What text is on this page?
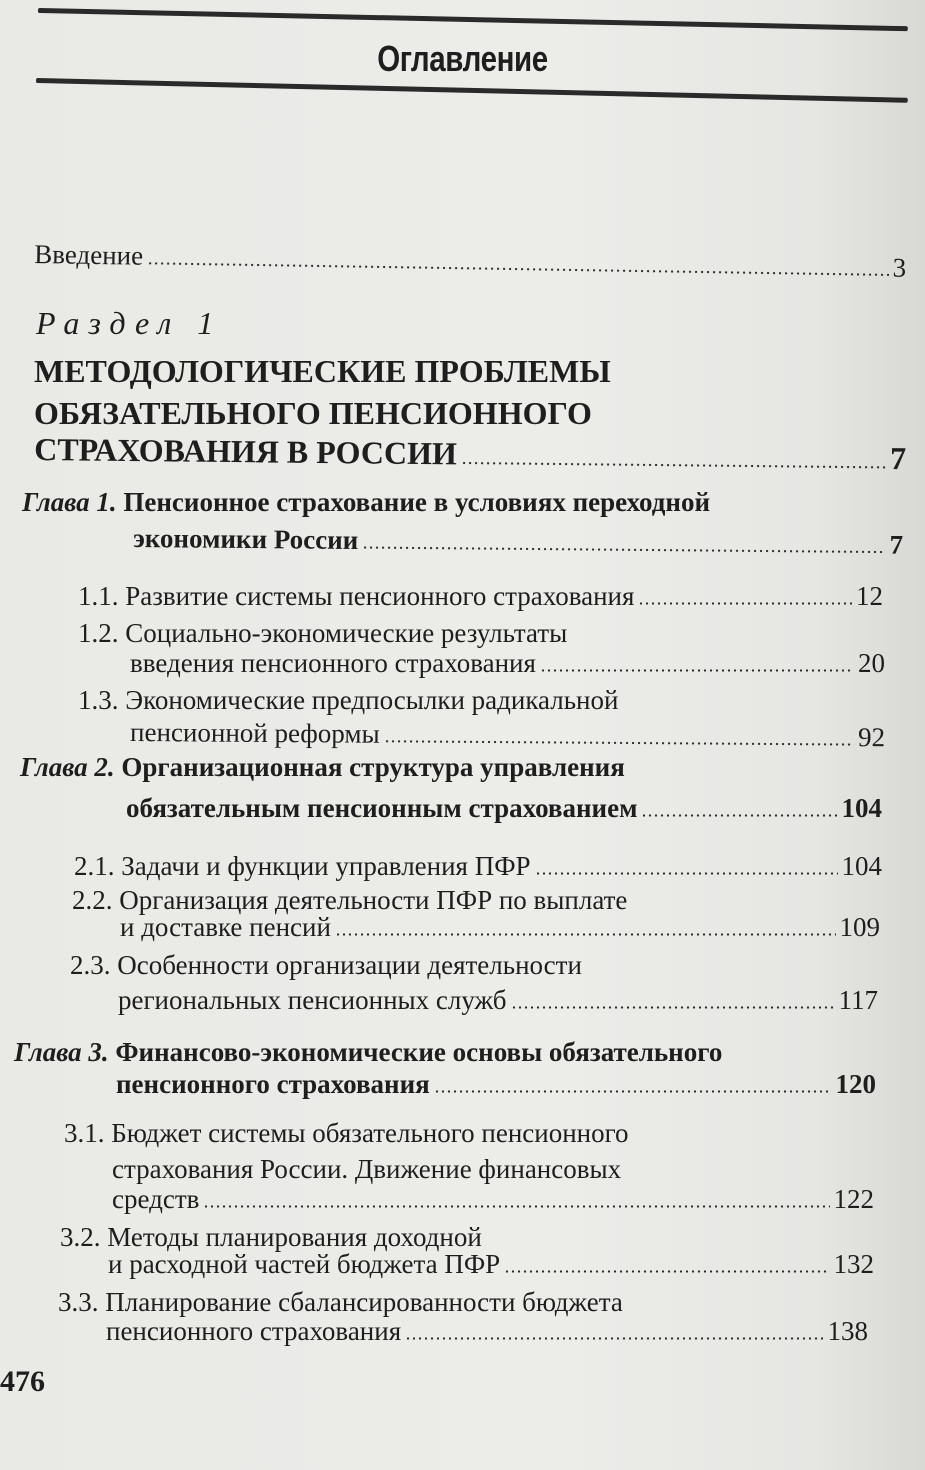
Оглавление
Введение	3
Раздел 1
МЕТОДОЛОГИЧЕСКИЕ ПРОБЛЕМЫ
ОБЯЗАТЕЛЬНОГО ПЕНСИОННОГО
СТРАХОВАНИЯ В РОССИИ	7
Глава 1. Пенсионное страхование в условиях переходной
экономики России	7
1.1. Развитие системы пенсионного страхования	12
1.2. Социально-экономические результаты
введения пенсионного страхования	20
1.3. Экономические предпосылки радикальной
пенсионной реформы	92
Глава 2. Организационная структура управления
обязательным пенсионным страхованием	104
2.1. Задачи и функции управления ПФР	104
2.2. Организация деятельности ПФР по выплате
и доставке пенсий	109
2.3. Особенности организации деятельности
региональных пенсионных служб	117
Глава 3. Финансово-экономические основы обязательного
пенсионного страхования	120
3.1. Бюджет системы обязательного пенсионного
страхования России. Движение финансовых
средств	122
3.2. Методы планирования доходной
и расходной частей бюджета ПФР	132
3.3. Планирование сбалансированности бюджета
пенсионного страхования	138
476
